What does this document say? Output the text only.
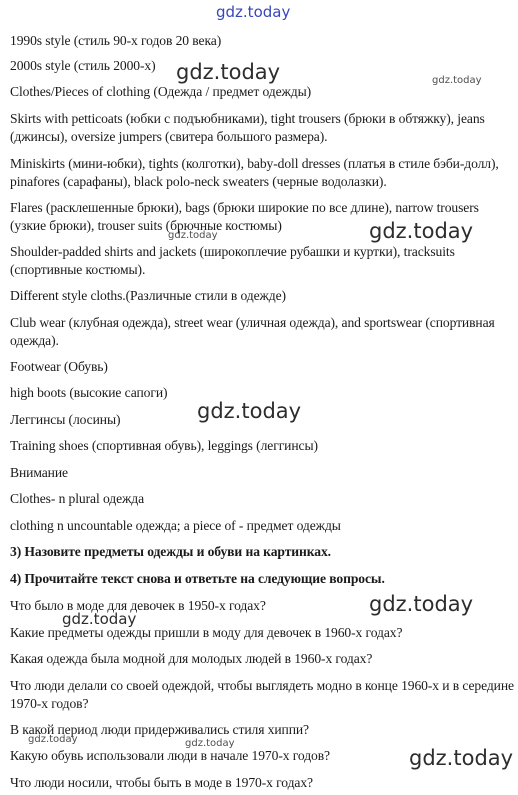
gdz.today
1990s style (стиль 90-х годов 20 века)
2000s style (стиль 2000-х)
Clothes/Pieces of clothing (Одежда / предмет одежды)
Skirts with petticoats (юбки с подъюбниками), tight trousers (брюки в обтяжку), jeans (джинсы), oversize jumpers (свитера большого размера).
Miniskirts (мини-юбки), tights (колготки), baby-doll dresses (платья в стиле бэби-долл), pinafores (сарафаны), black polo-neck sweaters (черные водолазки).
Flares (расклешенные брюки), bags (брюки широкие по все длине), narrow trousers (узкие брюки), trouser suits (брючные костюмы)
Shoulder-padded shirts and jackets (широкоплечие рубашки и куртки), tracksuits (спортивные костюмы).
Different style cloths.(Различные стили в одежде)
Club wear (клубная одежда), street wear (уличная одежда), and sportswear (спортивная одежда).
Footwear (Обувь)
high boots (высокие сапоги)
Леггинсы (лосины)
Training shoes (спортивная обувь), leggings (леггинсы)
Внимание
Clothes- n plural одежда
clothing n uncountable одежда; a piece of - предмет одежды
3) Назовите предметы одежды и обуви на картинках.
4) Прочитайте текст снова и ответьте на следующие вопросы.
Что было в моде для девочек в 1950-х годах?
Какие предметы одежды пришли в моду для девочек в 1960-х годах?
Какая одежда была модной для молодых людей в 1960-х годах?
Что люди делали со своей одеждой, чтобы выглядеть модно в конце 1960-х и в середине 1970-х годов?
В какой период люди придерживались стиля хиппи?
Какую обувь использовали люди в начале 1970-х годов?
Что люди носили, чтобы быть в моде в 1970-х годах?
gdz.today	gdz.today
gdz.today	gdz.today
gdz.today
gdz.today
gdz.today
gdz.today	gdz.today
gdz.today
